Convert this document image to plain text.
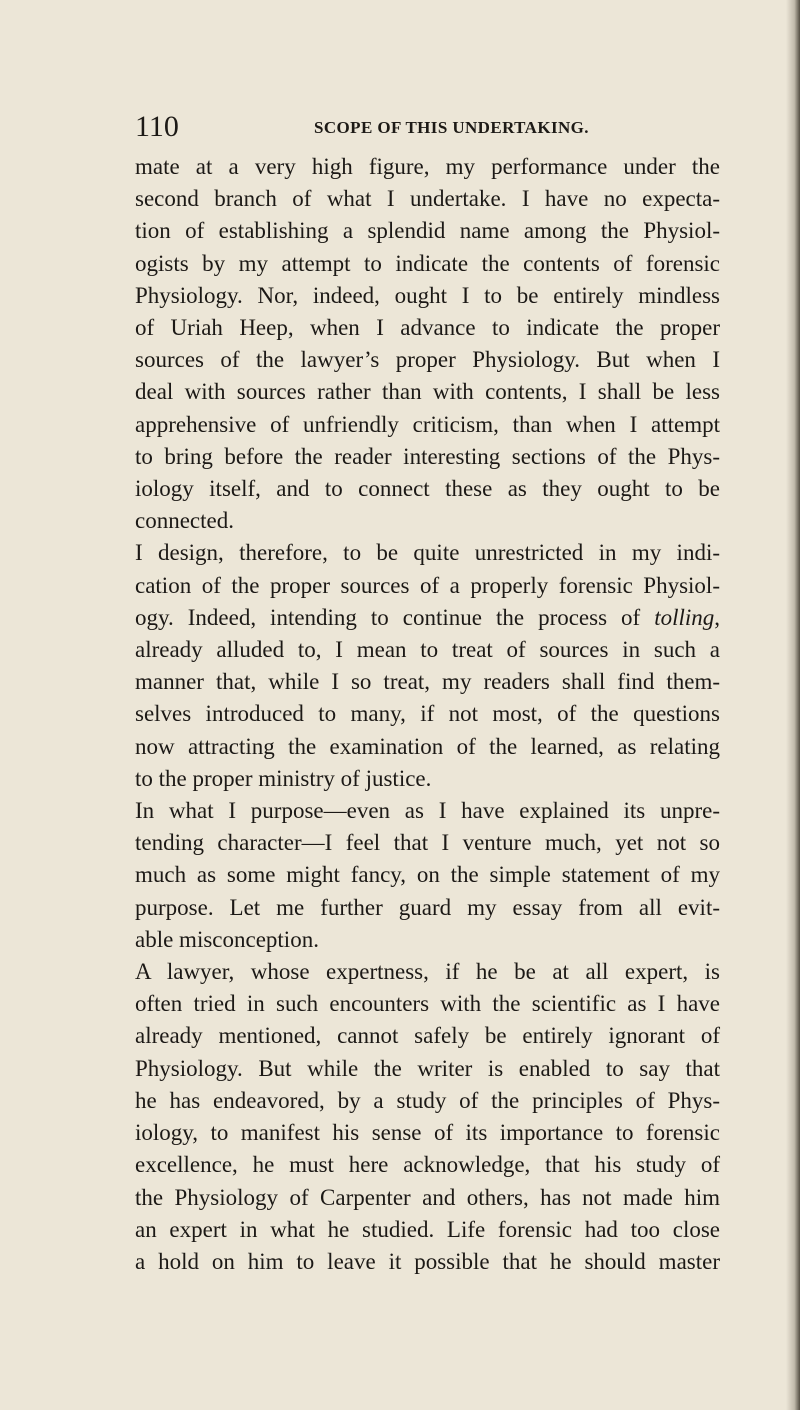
110	SCOPE OF THIS UNDERTAKING.
mate at a very high figure, my performance under the
second branch of what I undertake. I have no expecta-
tion of establishing a splendid name among the Physiol-
ogists by my attempt to indicate the contents of forensic
Physiology. Nor, indeed, ought I to be entirely mindless
of Uriah Heep, when I advance to indicate the proper
sources of the lawyer’s proper Physiology. But when I
deal with sources rather than with contents, I shall be less
apprehensive of unfriendly criticism, than when I attempt
to bring before the reader interesting sections of the Phys-
iology itself, and to connect these as they ought to be
connected.
I design, therefore, to be quite unrestricted in my indi-
cation of the proper sources of a properly forensic Physiol-
ogy. Indeed, intending to continue the process of tolling,
already alluded to, I mean to treat of sources in such a
manner that, while I so treat, my readers shall find them-
selves introduced to many, if not most, of the questions
now attracting the examination of the learned, as relating
to the proper ministry of justice.
In what I purpose—even as I have explained its unpre-
tending character—I feel that I venture much, yet not so
much as some might fancy, on the simple statement of my
purpose. Let me further guard my essay from all evit-
able misconception.
A lawyer, whose expertness, if he be at all expert, is
often tried in such encounters with the scientific as I have
already mentioned, cannot safely be entirely ignorant of
Physiology. But while the writer is enabled to say that
he has endeavored, by a study of the principles of Phys-
iology, to manifest his sense of its importance to forensic
excellence, he must here acknowledge, that his study of
the Physiology of Carpenter and others, has not made him
an expert in what he studied. Life forensic had too close
a hold on him to leave it possible that he should master
